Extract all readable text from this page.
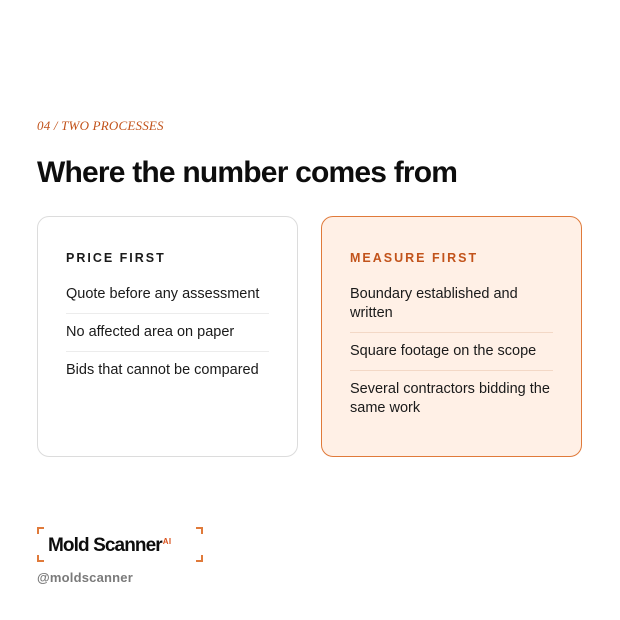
04 / TWO PROCESSES
Where the number comes from
PRICE FIRST
Quote before any assessment
No affected area on paper
Bids that cannot be compared
MEASURE FIRST
Boundary established and written
Square footage on the scope
Several contractors bidding the same work
Mold Scanner$^{AI}$
@moldscanner
